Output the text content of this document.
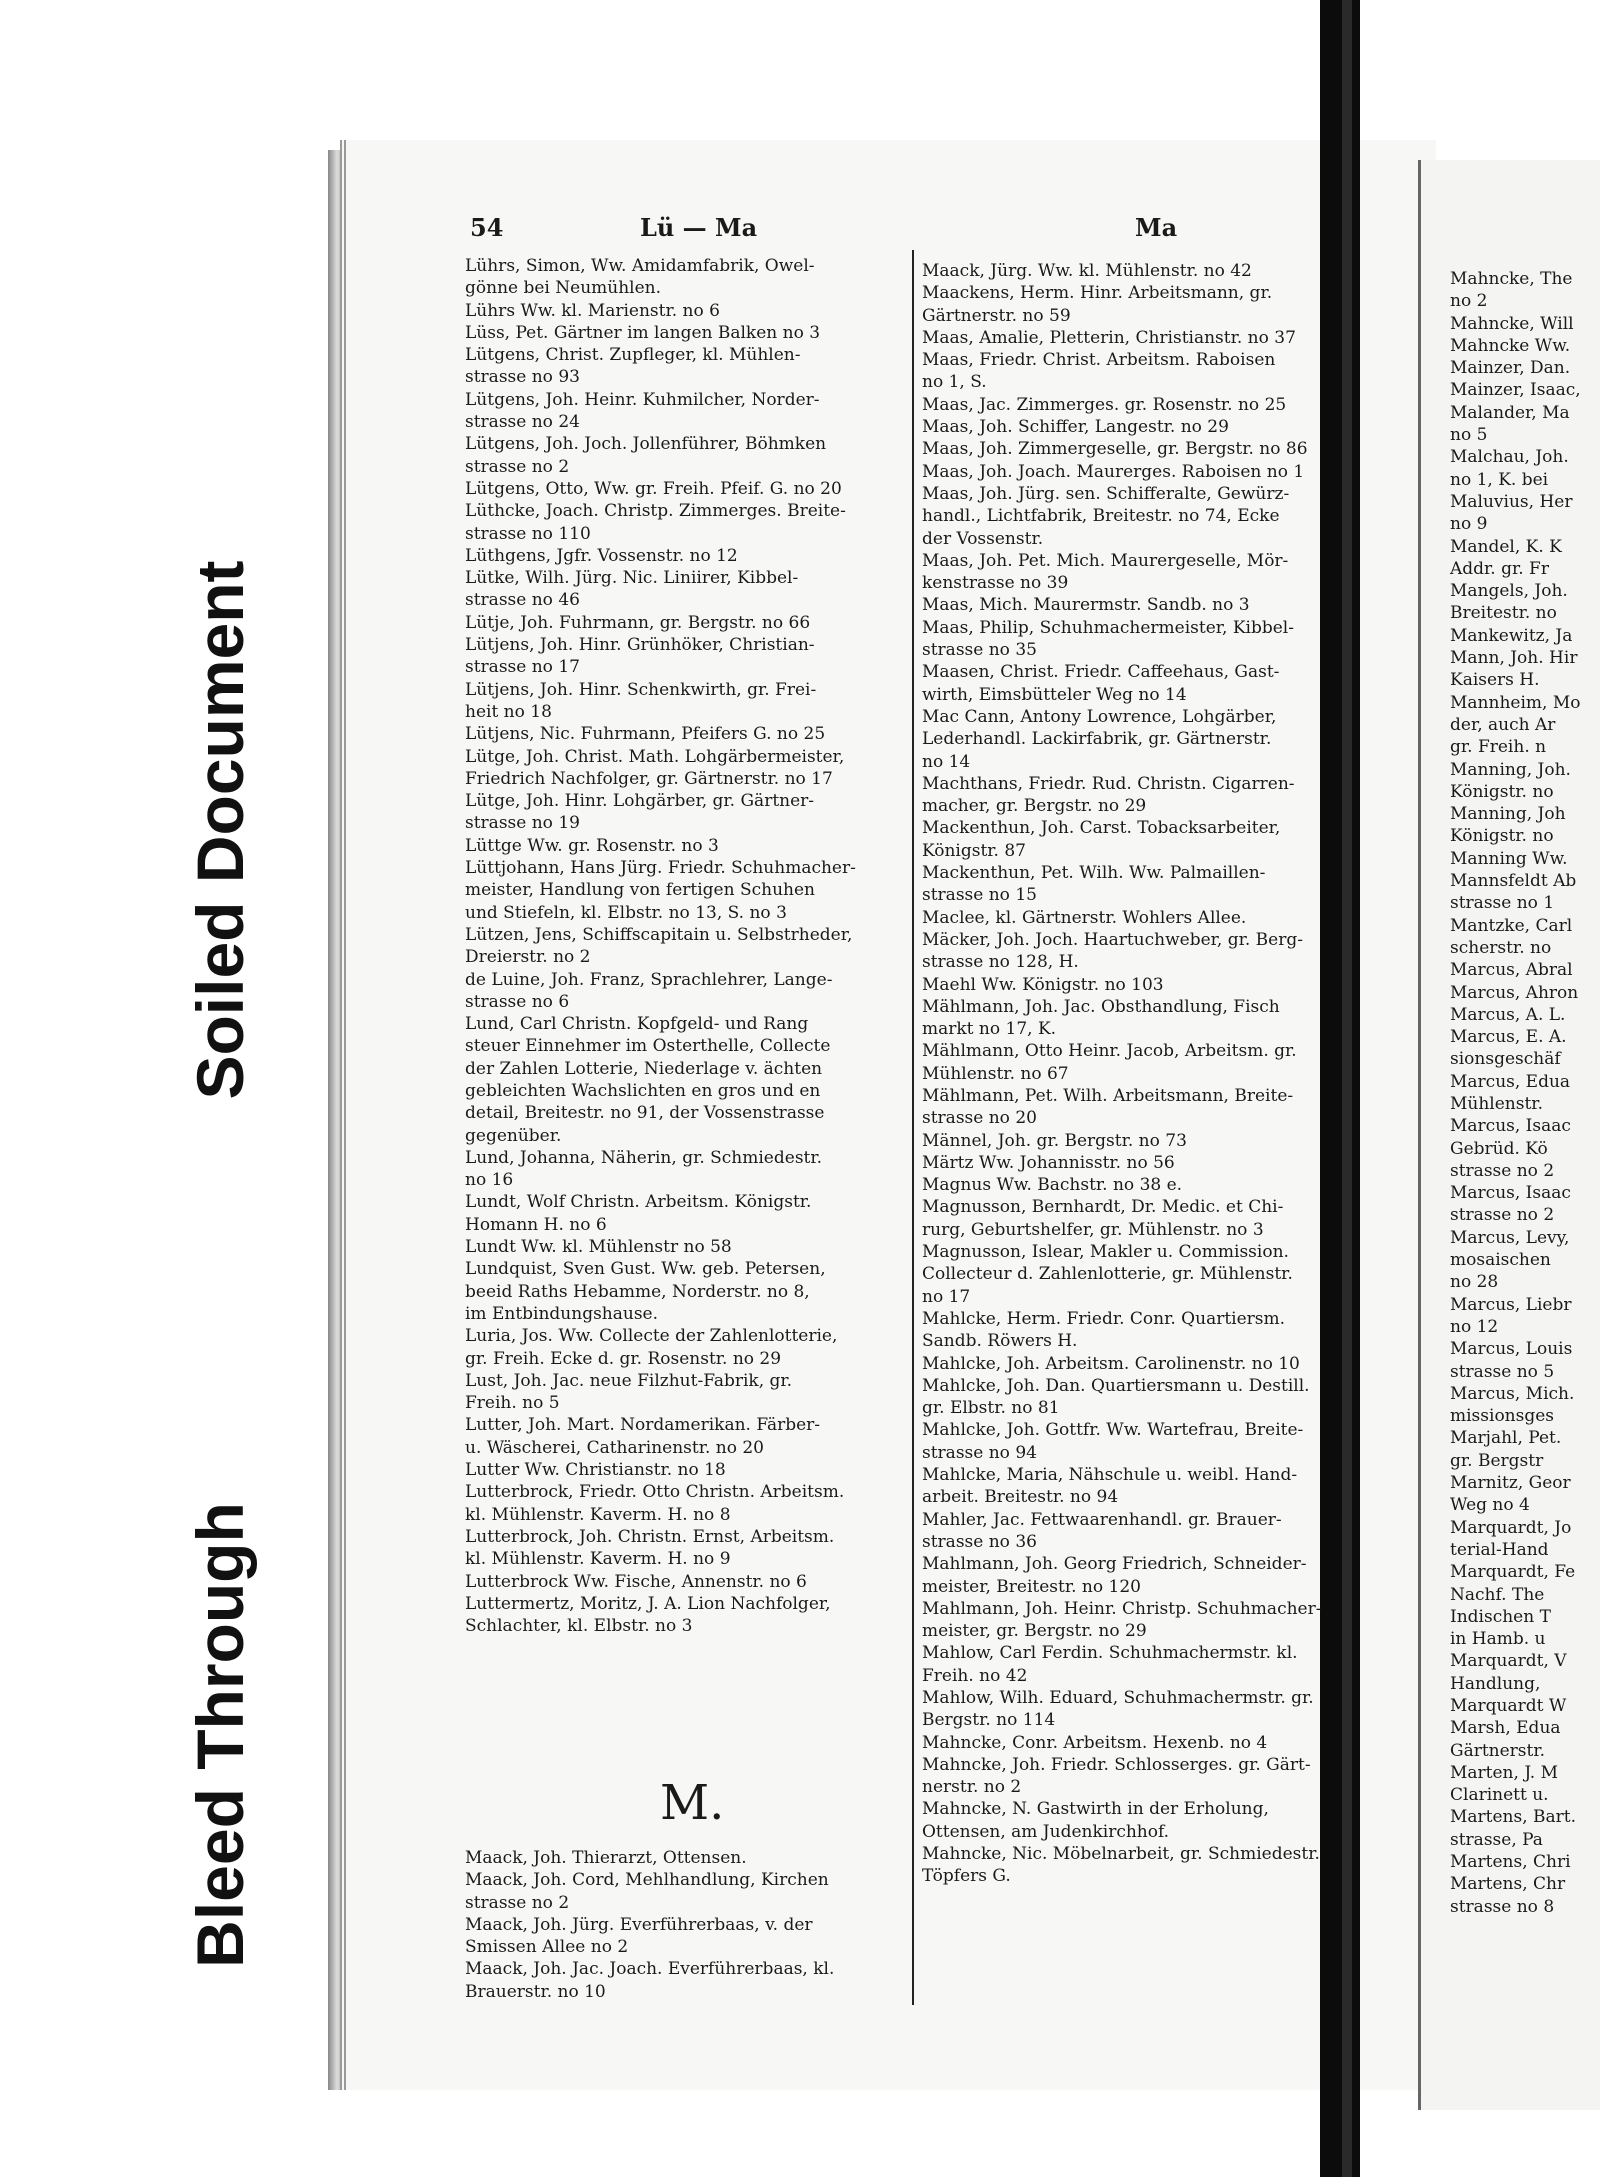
Soiled Document
Bleed Through
54	Lü — Ma	Ma

Lührs, Simon, Ww. Amidamfabrik, Owel-

gönne bei Neumühlen.

Lührs Ww. kl. Marienstr. no 6

Lüss, Pet. Gärtner im langen Balken no 3

Lütgens, Christ. Zupfleger, kl. Mühlen-

strasse no 93

Lütgens, Joh. Heinr. Kuhmilcher, Norder-

strasse no 24

Lütgens, Joh. Joch. Jollenführer, Böhmken

strasse no 2

Lütgens, Otto, Ww. gr. Freih. Pfeif. G. no 20

Lüthcke, Joach. Christp. Zimmerges. Breite-

strasse no 110

Lüthgens, Jgfr. Vossenstr. no 12

Lütke, Wilh. Jürg. Nic. Liniirer, Kibbel-

strasse no 46

Lütje, Joh. Fuhrmann, gr. Bergstr. no 66

Lütjens, Joh. Hinr. Grünhöker, Christian-

strasse no 17

Lütjens, Joh. Hinr. Schenkwirth, gr. Frei-

heit no 18

Lütjens, Nic. Fuhrmann, Pfeifers G. no 25

Lütge, Joh. Christ. Math. Lohgärbermeister,

Friedrich Nachfolger, gr. Gärtnerstr. no 17

Lütge, Joh. Hinr. Lohgärber, gr. Gärtner-

strasse no 19

Lüttge Ww. gr. Rosenstr. no 3

Lüttjohann, Hans Jürg. Friedr. Schuhmacher-

meister, Handlung von fertigen Schuhen

und Stiefeln, kl. Elbstr. no 13, S. no 3

Lützen, Jens, Schiffscapitain u. Selbstrheder,

Dreierstr. no 2

de Luine, Joh. Franz, Sprachlehrer, Lange-

strasse no 6

Lund, Carl Christn. Kopfgeld- und Rang

steuer Einnehmer im Osterthelle, Collecte

der Zahlen Lotterie, Niederlage v. ächten

gebleichten Wachslichten en gros und en

detail, Breitestr. no 91, der Vossenstrasse

gegenüber.

Lund, Johanna, Näherin, gr. Schmiedestr.

no 16

Lundt, Wolf Christn. Arbeitsm. Königstr.

Homann H. no 6

Lundt Ww. kl. Mühlenstr no 58

Lundquist, Sven Gust. Ww. geb. Petersen,

beeid Raths Hebamme, Norderstr. no 8,

im Entbindungshause.

Luria, Jos. Ww. Collecte der Zahlenlotterie,

gr. Freih. Ecke d. gr. Rosenstr. no 29

Lust, Joh. Jac. neue Filzhut-Fabrik, gr.

Freih. no 5

Lutter, Joh. Mart. Nordamerikan. Färber-

u. Wäscherei, Catharinenstr. no 20

Lutter Ww. Christianstr. no 18

Lutterbrock, Friedr. Otto Christn. Arbeitsm.

kl. Mühlenstr. Kaverm. H. no 8

Lutterbrock, Joh. Christn. Ernst, Arbeitsm.

kl. Mühlenstr. Kaverm. H. no 9

Lutterbrock Ww. Fische, Annenstr. no 6

Luttermertz, Moritz, J. A. Lion Nachfolger,

Schlachter, kl. Elbstr. no 3

M.

Maack, Joh. Thierarzt, Ottensen.

Maack, Joh. Cord, Mehlhandlung, Kirchen

strasse no 2

Maack, Joh. Jürg. Everführerbaas, v. der

Smissen Allee no 2

Maack, Joh. Jac. Joach. Everführerbaas, kl.

Brauerstr. no 10

Maack, Jürg. Ww. kl. Mühlenstr. no 42

Maackens, Herm. Hinr. Arbeitsmann, gr.

Gärtnerstr. no 59

Maas, Amalie, Pletterin, Christianstr. no 37

Maas, Friedr. Christ. Arbeitsm. Raboisen

no 1, S.

Maas, Jac. Zimmerges. gr. Rosenstr. no 25

Maas, Joh. Schiffer, Langestr. no 29

Maas, Joh. Zimmergeselle, gr. Bergstr. no 86

Maas, Joh. Joach. Maurerges. Raboisen no 1

Maas, Joh. Jürg. sen. Schifferalte, Gewürz-

handl., Lichtfabrik, Breitestr. no 74, Ecke

der Vossenstr.

Maas, Joh. Pet. Mich. Maurergeselle, Mör-

kenstrasse no 39

Maas, Mich. Maurermstr. Sandb. no 3

Maas, Philip, Schuhmachermeister, Kibbel-

strasse no 35

Maasen, Christ. Friedr. Caffeehaus, Gast-

wirth, Eimsbütteler Weg no 14

Mac Cann, Antony Lowrence, Lohgärber,

Lederhandl. Lackirfabrik, gr. Gärtnerstr.

no 14

Machthans, Friedr. Rud. Christn. Cigarren-

macher, gr. Bergstr. no 29

Mackenthun, Joh. Carst. Tobacksarbeiter,

Königstr. 87

Mackenthun, Pet. Wilh. Ww. Palmaillen-

strasse no 15

Maclee, kl. Gärtnerstr. Wohlers Allee.

Mäcker, Joh. Joch. Haartuchweber, gr. Berg-

strasse no 128, H.

Maehl Ww. Königstr. no 103

Mählmann, Joh. Jac. Obsthandlung, Fisch

markt no 17, K.

Mählmann, Otto Heinr. Jacob, Arbeitsm. gr.

Mühlenstr. no 67

Mählmann, Pet. Wilh. Arbeitsmann, Breite-

strasse no 20

Männel, Joh. gr. Bergstr. no 73

Märtz Ww. Johannisstr. no 56

Magnus Ww. Bachstr. no 38 e.

Magnusson, Bernhardt, Dr. Medic. et Chi-

rurg, Geburtshelfer, gr. Mühlenstr. no 3

Magnusson, Islear, Makler u. Commission.

Collecteur d. Zahlenlotterie, gr. Mühlenstr.

no 17

Mahlcke, Herm. Friedr. Conr. Quartiersm.

Sandb. Röwers H.

Mahlcke, Joh. Arbeitsm. Carolinenstr. no 10

Mahlcke, Joh. Dan. Quartiersmann u. Destill.

gr. Elbstr. no 81

Mahlcke, Joh. Gottfr. Ww. Wartefrau, Breite-

strasse no 94

Mahlcke, Maria, Nähschule u. weibl. Hand-

arbeit. Breitestr. no 94

Mahler, Jac. Fettwaarenhandl. gr. Brauer-

strasse no 36

Mahlmann, Joh. Georg Friedrich, Schneider-

meister, Breitestr. no 120

Mahlmann, Joh. Heinr. Christp. Schuhmacher-

meister, gr. Bergstr. no 29

Mahlow, Carl Ferdin. Schuhmachermstr. kl.

Freih. no 42

Mahlow, Wilh. Eduard, Schuhmachermstr. gr.

Bergstr. no 114

Mahncke, Conr. Arbeitsm. Hexenb. no 4

Mahncke, Joh. Friedr. Schlosserges. gr. Gärt-

nerstr. no 2

Mahncke, N. Gastwirth in der Erholung,

Ottensen, am Judenkirchhof.

Mahncke, Nic. Möbelnarbeit, gr. Schmiedestr.

Töpfers G.

Mahncke, The

no 2

Mahncke, Will

Mahncke Ww.

Mainzer, Dan.

Mainzer, Isaac,

Malander, Ma

no 5

Malchau, Joh.

no 1, K. bei

Maluvius, Her

no 9

Mandel, K. K

Addr. gr. Fr

Mangels, Joh.

Breitestr. no

Mankewitz, Ja

Mann, Joh. Hir

Kaisers H.

Mannheim, Mo

der, auch Ar

gr. Freih. n

Manning, Joh.

Königstr. no

Manning, Joh

Königstr. no

Manning Ww.

Mannsfeldt Ab

strasse no 1

Mantzke, Carl

scherstr. no

Marcus, Abral

Marcus, Ahron

Marcus, A. L.

Marcus, E. A.

sionsgeschäf

Marcus, Edua

Mühlenstr.

Marcus, Isaac

Gebrüd. Kö

strasse no 2

Marcus, Isaac

strasse no 2

Marcus, Levy,

mosaischen

no 28

Marcus, Liebr

no 12

Marcus, Louis

strasse no 5

Marcus, Mich.

missionsges

Marjahl, Pet.

gr. Bergstr

Marnitz, Geor

Weg no 4

Marquardt, Jo

terial-Hand

Marquardt, Fe

Nachf. The

Indischen T

in Hamb. u

Marquardt, V

Handlung,

Marquardt W

Marsh, Edua

Gärtnerstr.

Marten, J. M

Clarinett u.

Martens, Bart.

strasse, Pa

Martens, Chri

Martens, Chr

strasse no 8
